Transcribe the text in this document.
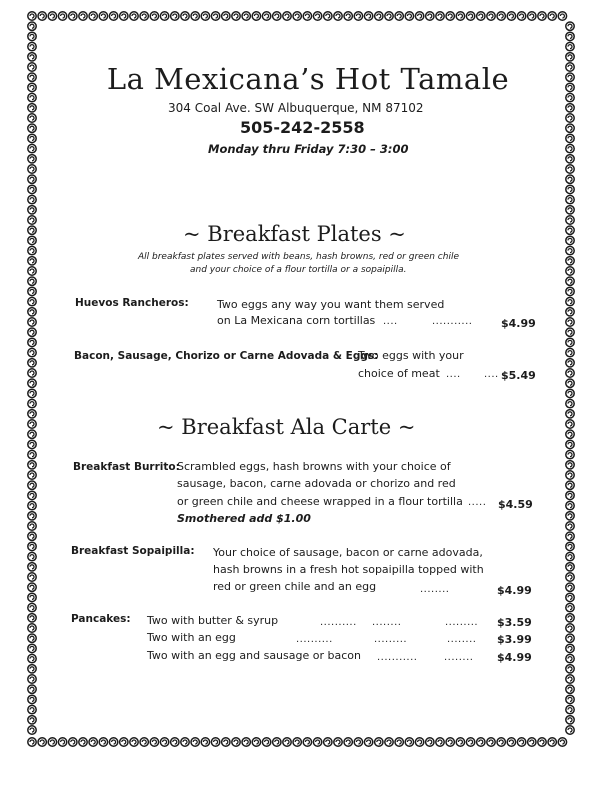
La Mexicana’s Hot Tamale
304 Coal Ave. SW Albuquerque, NM 87102
505-242-2558
Monday thru Friday 7:30 – 3:00
~ Breakfast Plates ~
All breakfast plates served with beans, hash browns, red or green chile
and your choice of a flour tortilla or a sopaipilla.
Huevos Rancheros:	Two eggs any way you want them served
on La Mexicana corn tortillas ....	...........	$4.99
Bacon, Sausage, Chorizo or Carne Adovada & Eggs:
Two eggs with your
choice of meat .... .... $5.49
~ Breakfast Ala Carte ~
Breakfast Burrito:
Scrambled eggs, hash browns with your choice of
sausage, bacon, carne adovada or chorizo and red
or green chile and cheese wrapped in a flour tortilla ..... $4.59
Smothered add $1.00
Breakfast Sopaipilla: Your choice of sausage, bacon or carne adovada,
hash browns in a fresh hot sopaipilla topped with
red or green chile and an egg	........	$4.99
Pancakes: Two with butter & syrup	.......... ........	......... $3.59
Two with an egg	..........	.........	........ $3.99
Two with an egg and sausage or bacon ...........	........ $4.99
